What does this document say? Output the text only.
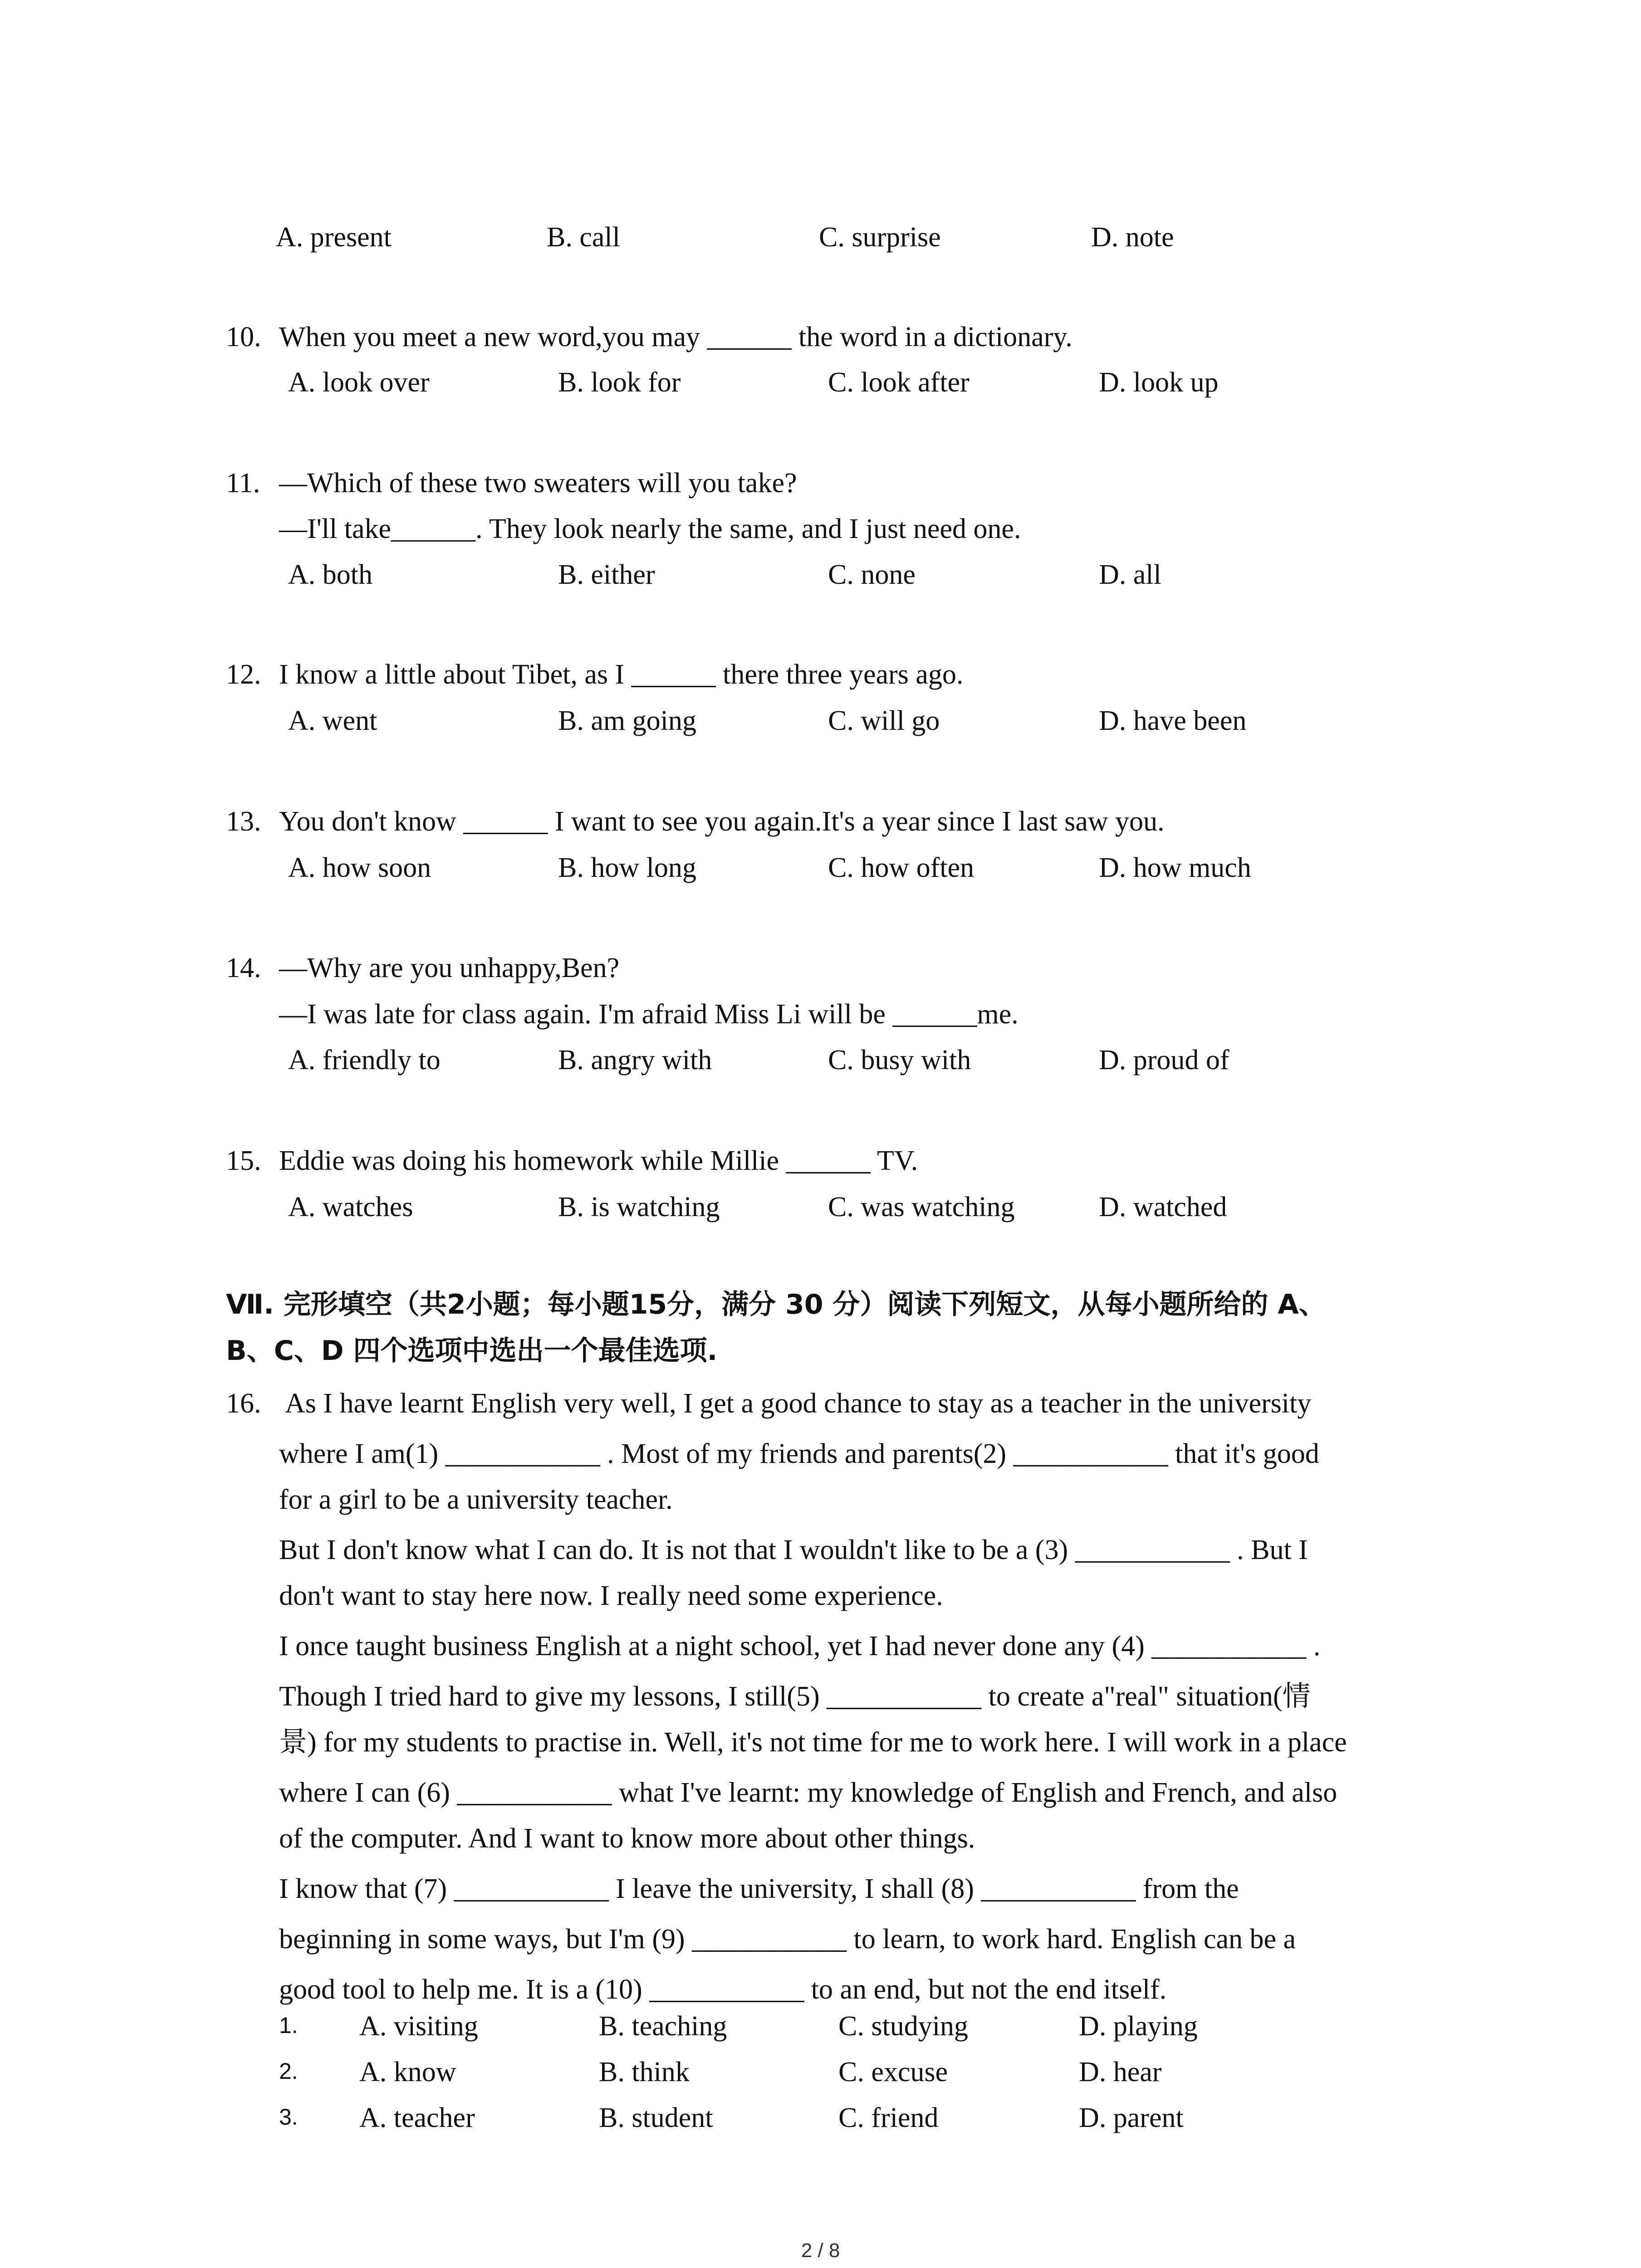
A. present	B. call	C. surprise	D. note
10. When you meet a new word,you may ______ the word in a dictionary.
A. look over	B. look for	C. look after	D. look up
11. —Which of these two sweaters will you take?
—I'll take______. They look nearly the same, and I just need one.
A. both	B. either	C. none	D. all
12. I know a little about Tibet, as I ______ there three years ago.
A. went	B. am going	C. will go	D. have been
13. You don't know ______ I want to see you again.It's a year since I last saw you.
A. how soon	B. how long	C. how often	D. how much
14. —Why are you unhappy,Ben?
—I was late for class again. I'm afraid Miss Li will be ______me.
A. friendly to	B. angry with	C. busy with	D. proud of
15. Eddie was doing his homework while Millie ______ TV.
A. watches	B. is watching	C. was watching	D. watched
Ⅶ. 完形填空（共2小题；每小题15分，满分 30 分）阅读下列短文，从每小题所给的 A、
B、C、D 四个选项中选出一个最佳选项.
16. As I have learnt English very well, I get a good chance to stay as a teacher in the university
where I am(1) ___________ . Most of my friends and parents(2) ___________ that it's good
for a girl to be a university teacher.
But I don't know what I can do. It is not that I wouldn't like to be a (3) ___________ . But I
don't want to stay here now. I really need some experience.
I once taught business English at a night school, yet I had never done any (4) ___________ .
Though I tried hard to give my lessons, I still(5) ___________ to create a"real" situation(情
景) for my students to practise in. Well, it's not time for me to work here. I will work in a place
where I can (6) ___________ what I've learnt: my knowledge of English and French, and also
of the computer. And I want to know more about other things.
I know that (7) ___________ I leave the university, I shall (8) ___________ from the
beginning in some ways, but I'm (9) ___________ to learn, to work hard. English can be a
good tool to help me. It is a (10) ___________ to an end, but not the end itself.
1. A. visiting	B. teaching	C. studying	D. playing
2. A. know	B. think	C. excuse	D. hear
3. A. teacher	B. student	C. friend	D. parent
2 / 8
